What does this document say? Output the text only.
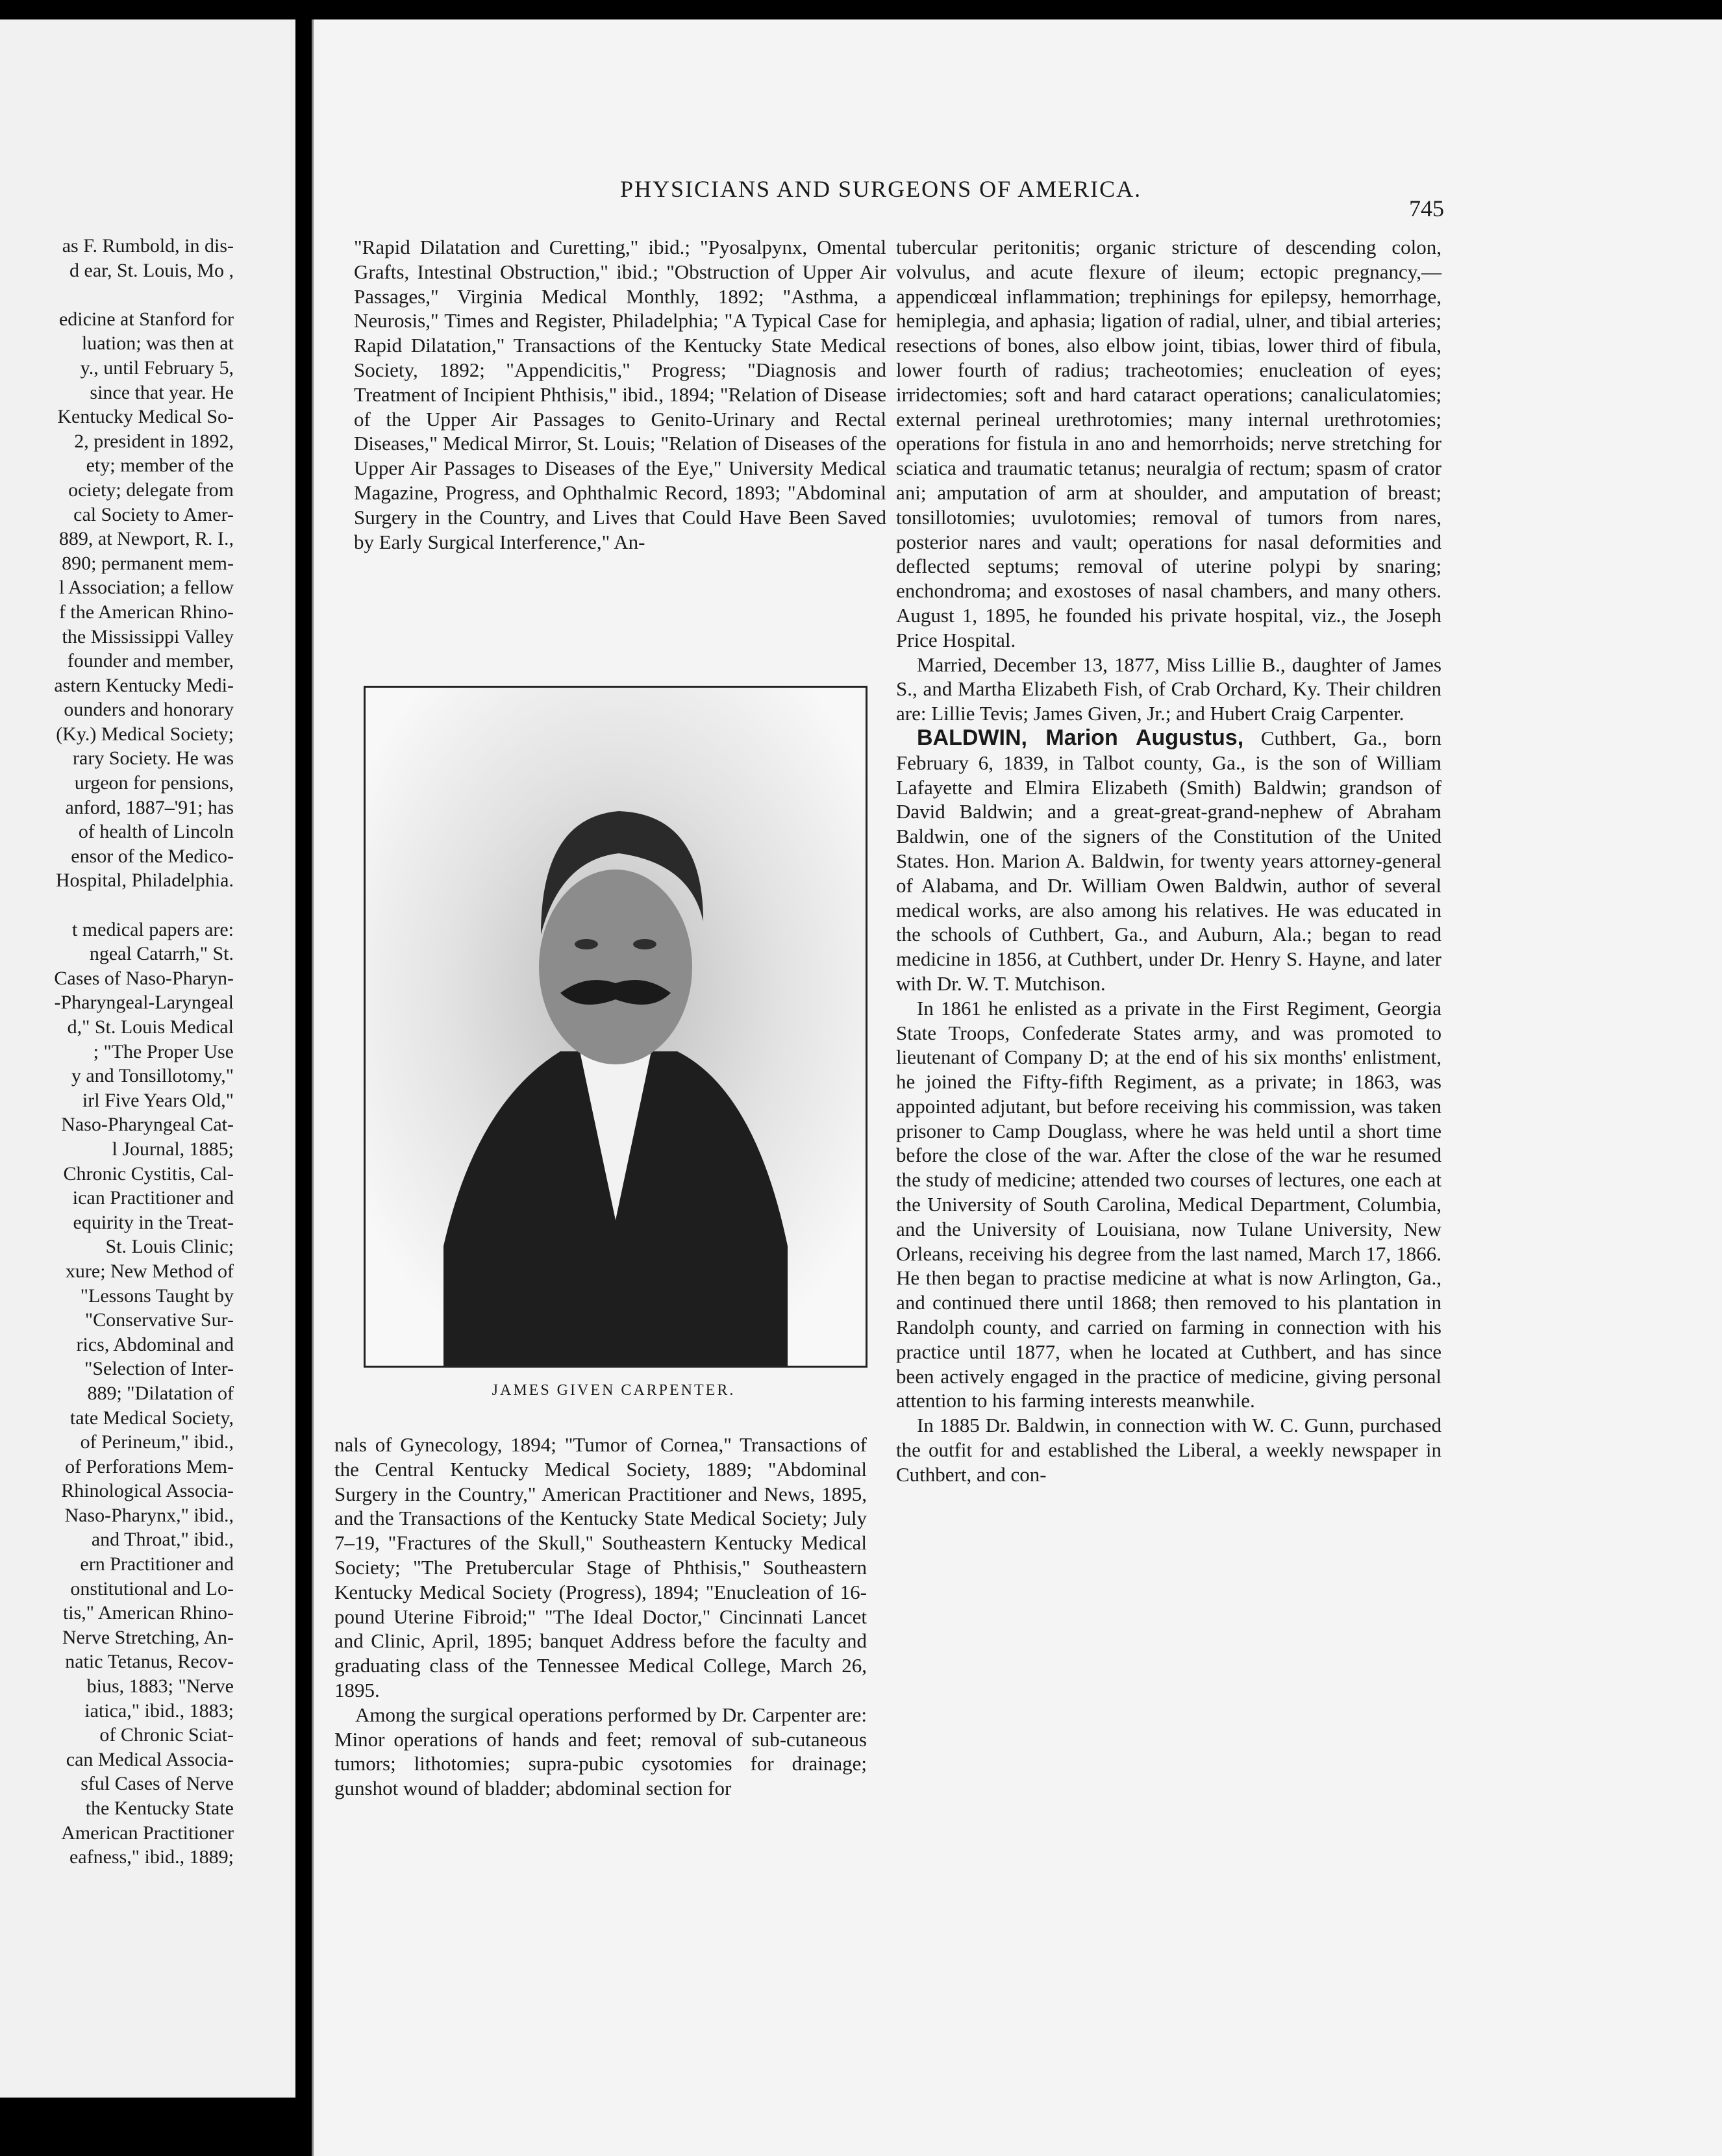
as F. Rumbold, in dis-
d ear, St. Louis, Mo ,
edicine at Stanford for
luation; was then at
y., until February 5,
since that year. He
Kentucky Medical So-
2, president in 1892,
ety; member of the
ociety; delegate from
cal Society to Amer-
889, at Newport, R. I.,
890; permanent mem-
l Association; a fellow
f the American Rhino-
the Mississippi Valley
founder and member,
astern Kentucky Medi-
ounders and honorary
(Ky.) Medical Society;
rary Society. He was
urgeon for pensions,
anford, 1887–'91; has
of health of Lincoln
ensor of the Medico-
Hospital, Philadelphia.
t medical papers are:
ngeal Catarrh," St.
Cases of Naso-Pharyn-
-Pharyngeal-Laryngeal
d," St. Louis Medical
; "The Proper Use
y and Tonsillotomy,"
irl Five Years Old,"
Naso-Pharyngeal Cat-
l Journal, 1885;
Chronic Cystitis, Cal-
ican Practitioner and
equirity in the Treat-
St. Louis Clinic;
xure; New Method of
"Lessons Taught by
"Conservative Sur-
rics, Abdominal and
"Selection of Inter-
889; "Dilatation of
tate Medical Society,
of Perineum," ibid.,
of Perforations Mem-
Rhinological Associa-
Naso-Pharynx," ibid.,
and Throat," ibid.,
ern Practitioner and
onstitutional and Lo-
tis," American Rhino-
Nerve Stretching, An-
natic Tetanus, Recov-
bius, 1883; "Nerve
iatica," ibid., 1883;
of Chronic Sciat-
can Medical Associa-
sful Cases of Nerve
the Kentucky State
American Practitioner
eafness," ibid., 1889;
PHYSICIANS AND SURGEONS OF AMERICA.
745

"Rapid Dilatation and Curetting," ibid.; "Pyosalpynx, Omental Grafts, Intestinal Obstruction," ibid.; "Obstruction of Upper Air Passages," Virginia Medical Monthly, 1892; "Asthma, a Neurosis," Times and Register, Philadelphia; "A Typical Case for Rapid Dilatation," Transactions of the Kentucky State Medical Society, 1892; "Appendicitis," Progress; "Diagnosis and Treatment of Incipient Phthisis," ibid., 1894; "Relation of Disease of the Upper Air Passages to Genito-Urinary and Rectal Diseases," Medical Mirror, St. Louis; "Relation of Diseases of the Upper Air Passages to Diseases of the Eye," University Medical Magazine, Progress, and Ophthalmic Record, 1893; "Abdominal Surgery in the Country, and Lives that Could Have Been Saved by Early Surgical Interference," An-

JAMES GIVEN CARPENTER.

nals of Gynecology, 1894; "Tumor of Cornea," Transactions of the Central Kentucky Medical Society, 1889; "Abdominal Surgery in the Country," American Practitioner and News, 1895, and the Transactions of the Kentucky State Medical Society; July 7–19, "Fractures of the Skull," Southeastern Kentucky Medical Society; "The Pretubercular Stage of Phthisis," Southeastern Kentucky Medical Society (Progress), 1894; "Enucleation of 16-pound Uterine Fibroid;" "The Ideal Doctor," Cincinnati Lancet and Clinic, April, 1895; banquet Address before the faculty and graduating class of the Tennessee Medical College, March 26, 1895.

Among the surgical operations performed by Dr. Carpenter are: Minor operations of hands and feet; removal of sub-cutaneous tumors; lithotomies; supra-pubic cysotomies for drainage; gunshot wound of bladder; abdominal section for

tubercular peritonitis; organic stricture of descending colon, volvulus, and acute flexure of ileum; ectopic pregnancy,—appendicœal inflammation; trephinings for epilepsy, hemorrhage, hemiplegia, and aphasia; ligation of radial, ulner, and tibial arteries; resections of bones, also elbow joint, tibias, lower third of fibula, lower fourth of radius; tracheotomies; enucleation of eyes; irridectomies; soft and hard cataract operations; canaliculatomies; external perineal urethrotomies; many internal urethrotomies; operations for fistula in ano and hemorrhoids; nerve stretching for sciatica and traumatic tetanus; neuralgia of rectum; spasm of crator ani; amputation of arm at shoulder, and amputation of breast; tonsillotomies; uvulotomies; removal of tumors from nares, posterior nares and vault; operations for nasal deformities and deflected septums; removal of uterine polypi by snaring; enchondroma; and exostoses of nasal chambers, and many others. August 1, 1895, he founded his private hospital, viz., the Joseph Price Hospital.

Married, December 13, 1877, Miss Lillie B., daughter of James S., and Martha Elizabeth Fish, of Crab Orchard, Ky. Their children are: Lillie Tevis; James Given, Jr.; and Hubert Craig Carpenter.

BALDWIN, Marion Augustus, Cuthbert, Ga., born February 6, 1839, in Talbot county, Ga., is the son of William Lafayette and Elmira Elizabeth (Smith) Baldwin; grandson of David Baldwin; and a great-great-grand-nephew of Abraham Baldwin, one of the signers of the Constitution of the United States. Hon. Marion A. Baldwin, for twenty years attorney-general of Alabama, and Dr. William Owen Baldwin, author of several medical works, are also among his relatives. He was educated in the schools of Cuthbert, Ga., and Auburn, Ala.; began to read medicine in 1856, at Cuthbert, under Dr. Henry S. Hayne, and later with Dr. W. T. Mutchison.

In 1861 he enlisted as a private in the First Regiment, Georgia State Troops, Confederate States army, and was promoted to lieutenant of Company D; at the end of his six months' enlistment, he joined the Fifty-fifth Regiment, as a private; in 1863, was appointed adjutant, but before receiving his commission, was taken prisoner to Camp Douglass, where he was held until a short time before the close of the war. After the close of the war he resumed the study of medicine; attended two courses of lectures, one each at the University of South Carolina, Medical Department, Columbia, and the University of Louisiana, now Tulane University, New Orleans, receiving his degree from the last named, March 17, 1866. He then began to practise medicine at what is now Arlington, Ga., and continued there until 1868; then removed to his plantation in Randolph county, and carried on farming in connection with his practice until 1877, when he located at Cuthbert, and has since been actively engaged in the practice of medicine, giving personal attention to his farming interests meanwhile.

In 1885 Dr. Baldwin, in connection with W. C. Gunn, purchased the outfit for and established the Liberal, a weekly newspaper in Cuthbert, and con-
